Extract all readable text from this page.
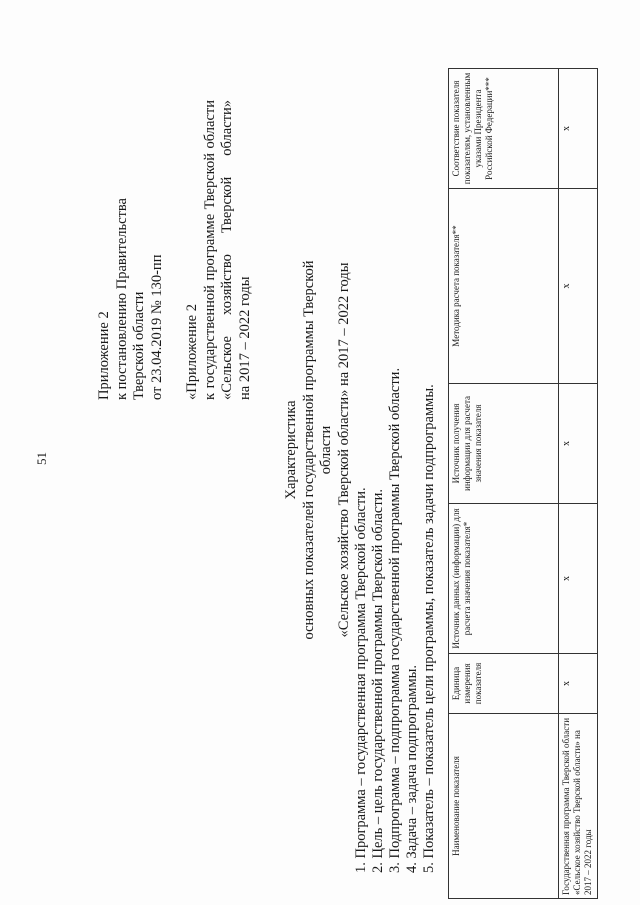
51
Приложение 2 к постановлению Правительства Тверской области от 23.04.2019 № 130-пп «Приложение 2 к государственной программе Тверской области «Сельское хозяйство Тверской области» на 2017 – 2022 годы
Характеристика основных показателей государственной программы Тверской области «Сельское хозяйство Тверской области» на 2017 – 2022 годы
1. Программа – государственная программа Тверской области. 2. Цель – цель государственной программы Тверской области. 3. Подпрограмма – подпрограмма государственной программы Тверской области. 4. Задача – задача подпрограммы. 5. Показатель – показатель цели программы, показатель задачи подпрограммы. Наименование показателя	Единица измерения показателя	Источник данных (информации) для расчета значения показателя*	Источник получения информации для расчета значения показателя	Методика расчета показателя**	Соответствие показателя показателям, установленным указами Президента Российской Федерации***
Государственная программа Тверской области «Сельское хозяйство Тверской области» на 2017 – 2022 годы	x	x	x	x	x
